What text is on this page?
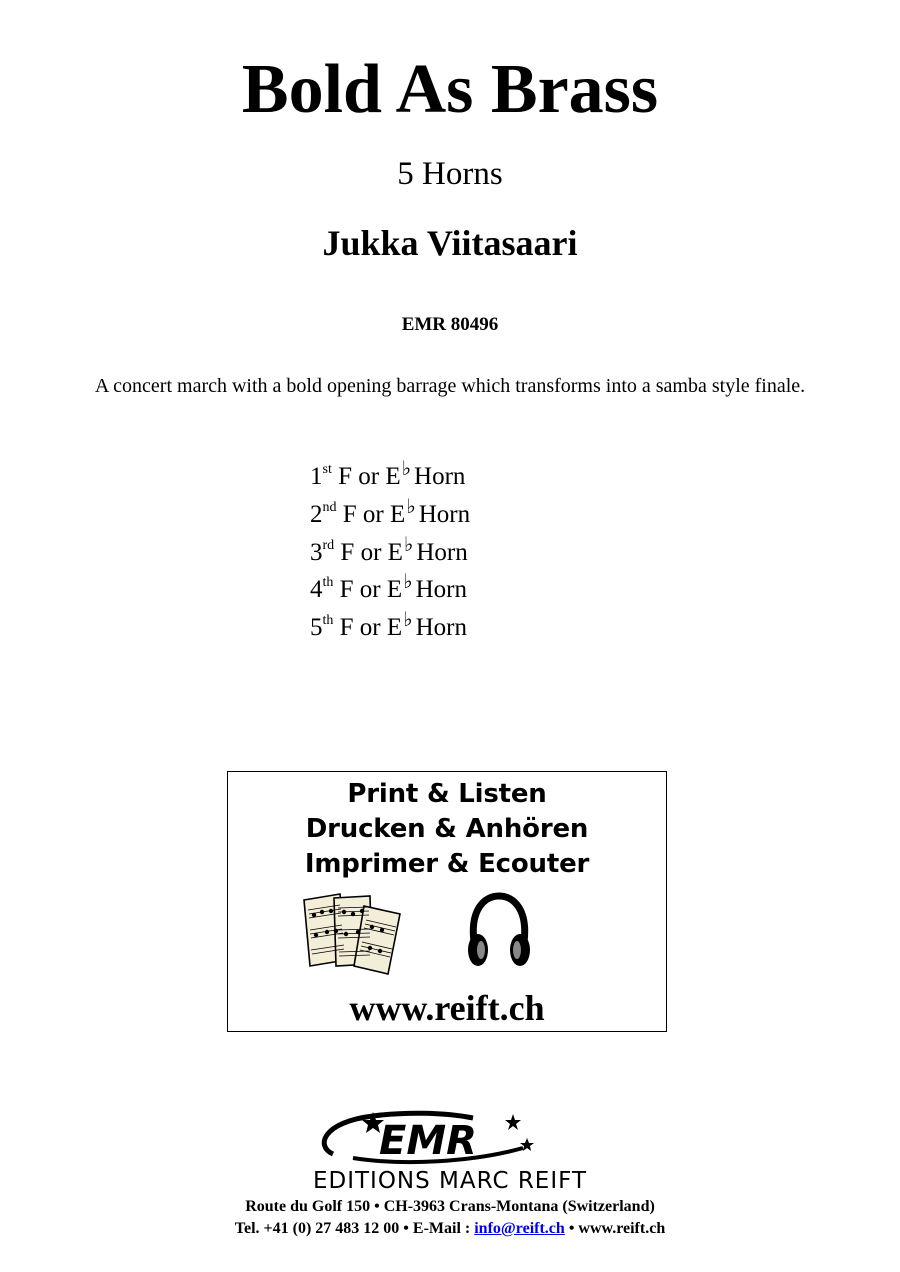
Bold As Brass
5 Horns
Jukka Viitasaari
EMR 80496
A concert march with a bold opening barrage which transforms into a samba style finale.
1st F or E♭ Horn
2nd F or E♭ Horn
3rd F or E♭ Horn
4th F or E♭ Horn
5th F or E♭ Horn
Print & Listen
Drucken & Anhören
Imprimer & Ecouter
www.reift.ch
EMR
EDITIONS MARC REIFT
Route du Golf 150 • CH-3963 Crans-Montana (Switzerland)
Tel. +41 (0) 27 483 12 00 • E-Mail : info@reift.ch • www.reift.ch
